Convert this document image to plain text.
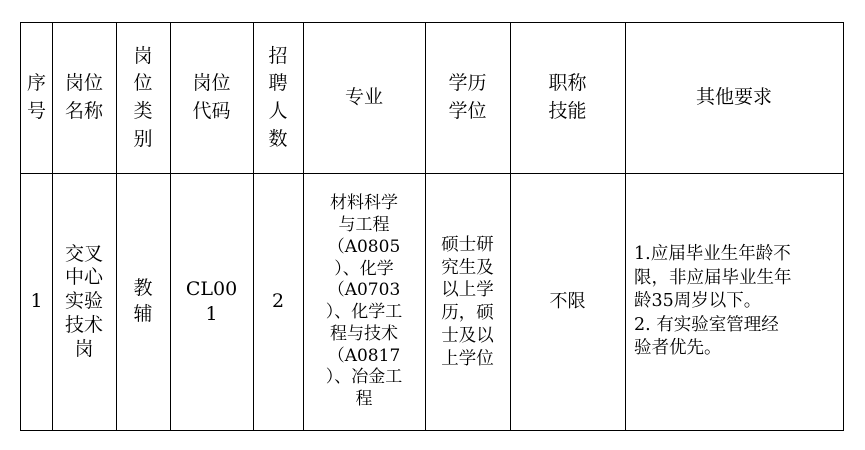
序
号
岗位
名称
岗
位
类
别
岗位
代码
招
聘
人
数
专业
学历
学位
职称
技能
其他要求
1
交叉
中心
实验
技术
岗
教
辅
CL00
1
2
材料科学
与工程
（A0805
）、化学
（A0703
）、化学工
程与技术
（A0817
）、冶金工
程
硕士研
究生及
以上学
历，硕
士及以
上学位
不限
1.应届毕业生年龄不
限，非应届毕业生年
龄35周岁以下。
2. 有实验室管理经
验者优先。
